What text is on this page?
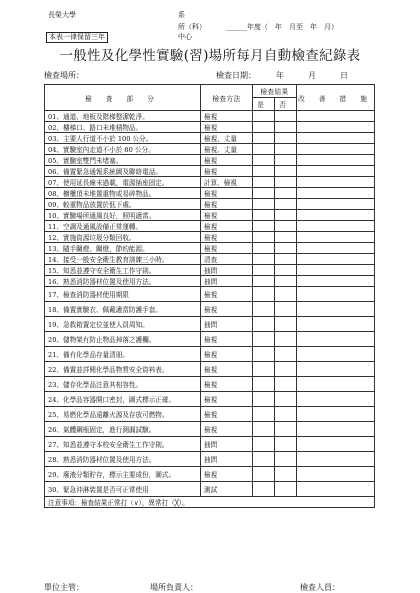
長榮大學	系
所（科）	______年度（　年　月至　年　月）
本表一律保留三年	中心
一般性及化學性實驗(習)場所每月自動檢查紀錄表
檢查場所：	檢查日期：　　　年　　　月　　　日
檢 查 部 分	檢查方法	檢查結果		改 善 措 施
		是	否	
01、通道、地板及階梯整潔乾淨。	檢視			
02、樓梯口、路口未堆積物品。	檢視			
03、主要人行道不小於 100 公分。	檢視、丈量			
04、實驗室內走道不小於 80 公分。	檢視、丈量			
05、實驗室雙門未堵塞。	檢視			
06、備置緊急通報系統圖及聯絡電話。	檢視			
07、使用延長線未過載，電源插座固定。	計算，檢視			
08、櫥櫃頂未堆置重物或易碎物品。	檢視			
09、較重物品放置於低下處。	檢視			
10、實驗場所通風良好，照明適當。	檢視			
11、空調及通風設備正常運轉。	檢視			
12、實施資源垃圾分類回收。	檢視			
13、隨手關燈、關燈，節約能源。	檢視			
14、接受一般安全衛生教育訓練三小時。	清查			
15、知悉並遵守安全衛生工作守則。	抽問			
16、熟悉消防器材位置及使用方法。	抽問			
17、檢查消防器材使用期限	檢視			
18、備置實驗衣、佩戴適當防護手套。	檢視			
19、急救箱置定位並使人員周知。	抽問			
20、儲物架有防止物品掉落之護欄。	檢視			
21、備有化學品存量清冊。	檢視			
22、備置並詳閱化學品物質安全資料表。	檢視			
23、儲存化學品注意其相容性。	檢視			
24、化學品容器開口密封，圖式標示正確。	檢視			
25、易燃化學品遠離火源及存放可燃物。	檢視			
26、氣體鋼瓶固定，進行測漏試驗。	檢視			
27、知悉並遵守本校安全衛生工作守則。	抽問			
28、熟悉消防器材位置及使用方法。	抽問			
29、廢液分類貯存，標示主要成份，圖式。	檢視			
30、緊急沖淋裝置是否可正常使用	測試			
注意事項：檢查結果正常打（∨），異常打（╳）。				
單位主管：	場所負責人：	檢查人員：
